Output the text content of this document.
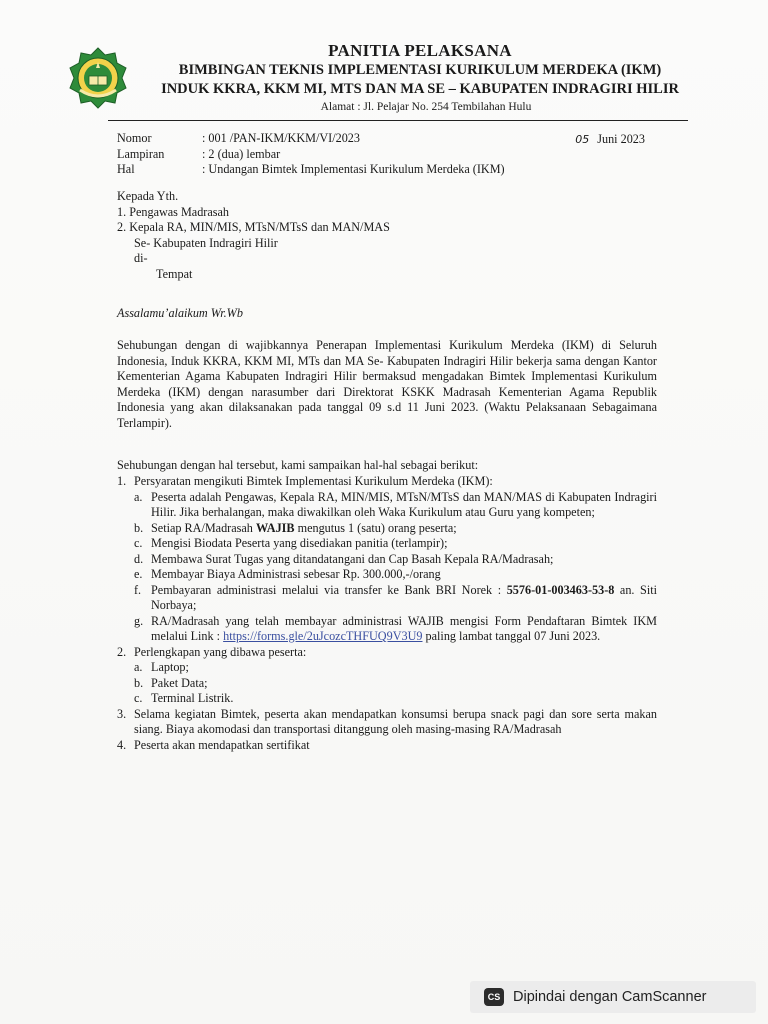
PANITIA PELAKSANA
BIMBINGAN TEKNIS IMPLEMENTASI KURIKULUM MERDEKA (IKM)
INDUK KKRA, KKM MI, MTS DAN MA SE – KABUPATEN INDRAGIRI HILIR
Alamat : Jl. Pelajar No. 254 Tembilahan Hulu
Nomor	: 001 /PAN-IKM/KKM/VI/2023
Lampiran	: 2 (dua) lembar
Hal	: Undangan Bimtek Implementasi Kurikulum Merdeka (IKM)
05 Juni 2023
Kepada Yth.
1. Pengawas Madrasah
2. Kepala RA, MIN/MIS, MTsN/MTsS dan MAN/MAS
Se- Kabupaten Indragiri Hilir
di-
Tempat
Assalamu’alaikum Wr.Wb

Sehubungan dengan di wajibkannya Penerapan Implementasi Kurikulum Merdeka (IKM) di Seluruh Indonesia, Induk KKRA, KKM MI, MTs dan MA Se- Kabupaten Indragiri Hilir bekerja sama dengan Kantor Kementerian Agama Kabupaten Indragiri Hilir bermaksud mengadakan Bimtek Implementasi Kurikulum Merdeka (IKM) dengan narasumber dari Direktorat KSKK Madrasah Kementerian Agama Republik Indonesia yang akan dilaksanakan pada tanggal 09 s.d 11 Juni 2023. (Waktu Pelaksanaan Sebagaimana Terlampir).

Sehubungan dengan hal tersebut, kami sampaikan hal-hal sebagai berikut:
1. Persyaratan mengikuti Bimtek Implementasi Kurikulum Merdeka (IKM):
a. Peserta adalah Pengawas, Kepala RA, MIN/MIS, MTsN/MTsS dan MAN/MAS di Kabupaten Indragiri Hilir. Jika berhalangan, maka diwakilkan oleh Waka Kurikulum atau Guru yang kompeten;
b. Setiap RA/Madrasah WAJIB mengutus 1 (satu) orang peserta;
c. Mengisi Biodata Peserta yang disediakan panitia (terlampir);
d. Membawa Surat Tugas yang ditandatangani dan Cap Basah Kepala RA/Madrasah;
e. Membayar Biaya Administrasi sebesar Rp. 300.000,-/orang
f. Pembayaran administrasi melalui via transfer ke Bank BRI Norek : 5576-01-003463-53-8 an. Siti Norbaya;
g. RA/Madrasah yang telah membayar administrasi WAJIB mengisi Form Pendaftaran Bimtek IKM melalui Link : https://forms.gle/2uJcozcTHFUQ9V3U9 paling lambat tanggal 07 Juni 2023.
2. Perlengkapan yang dibawa peserta:
a. Laptop;
b. Paket Data;
c. Terminal Listrik.
3. Selama kegiatan Bimtek, peserta akan mendapatkan konsumsi berupa snack pagi dan sore serta makan siang. Biaya akomodasi dan transportasi ditanggung oleh masing-masing RA/Madrasah
4. Peserta akan mendapatkan sertifikat
CS Dipindai dengan CamScanner
